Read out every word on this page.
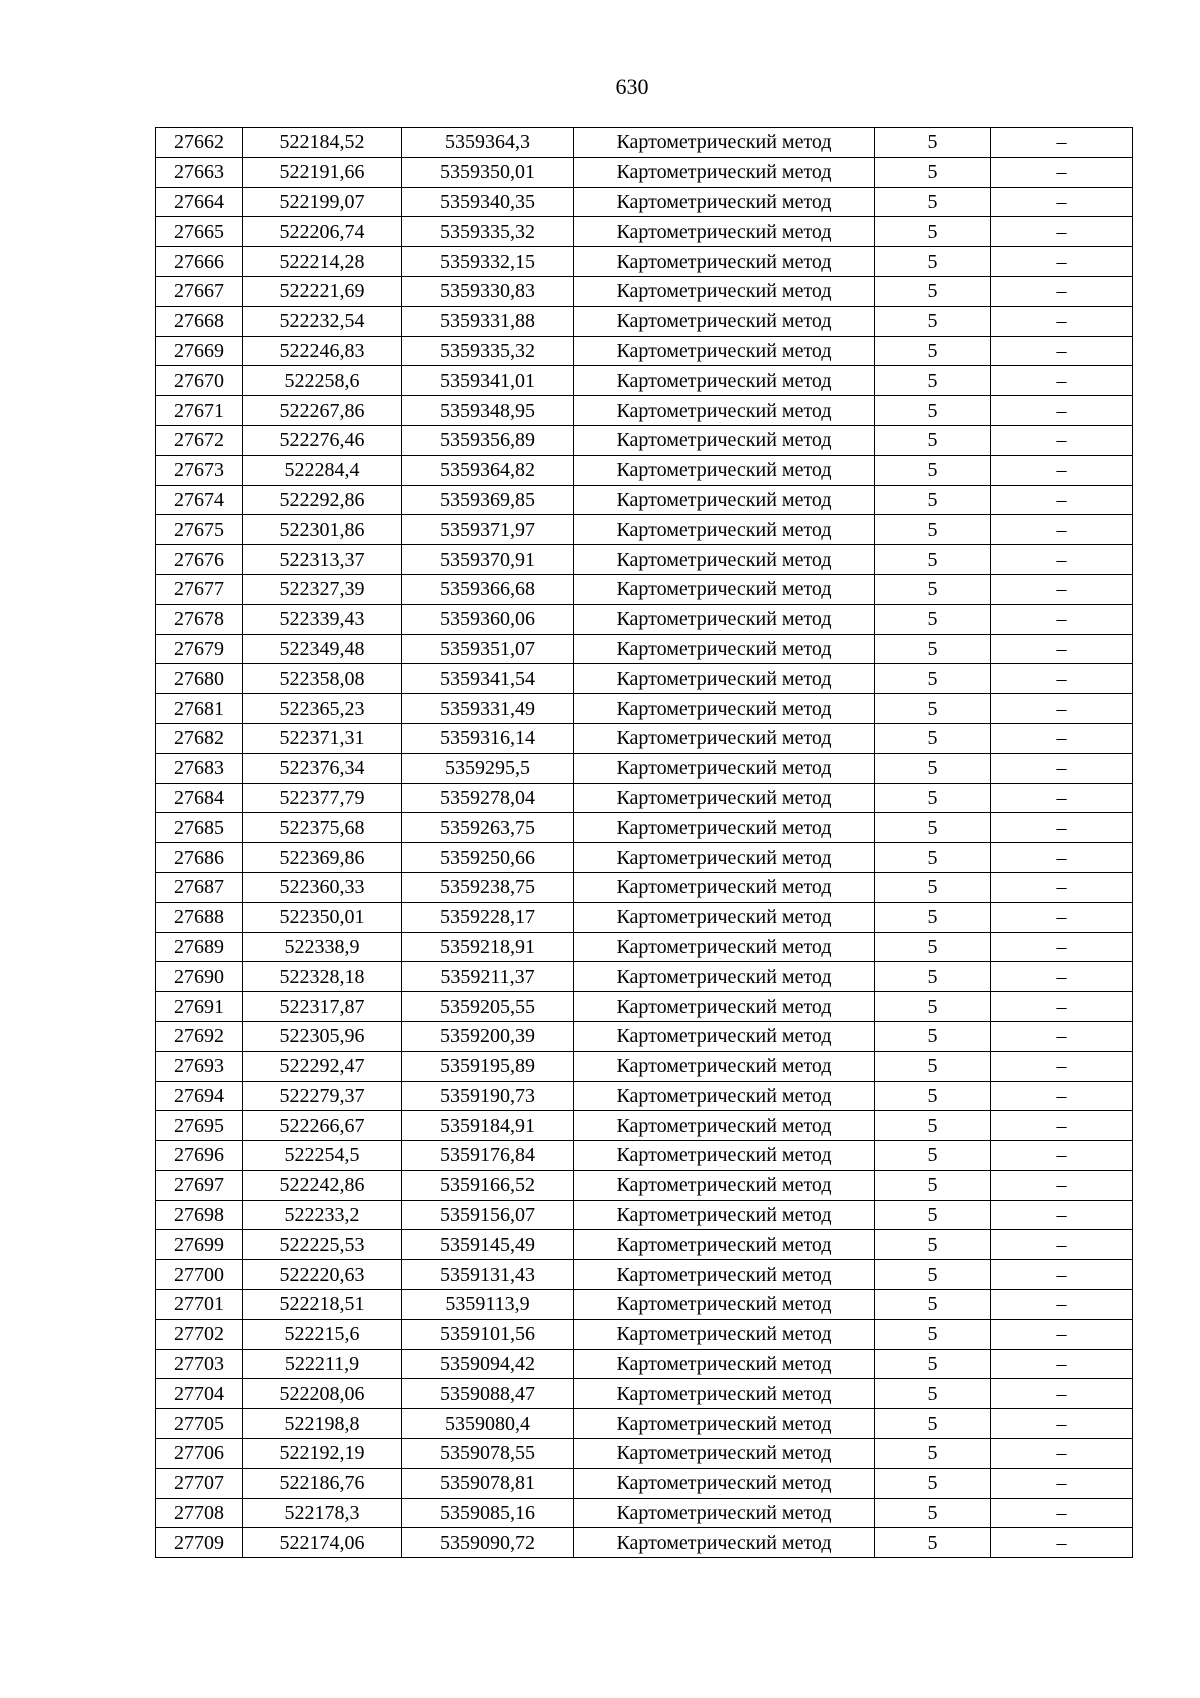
630
27662	522184,52	5359364,3	Картометрический метод	5	–
27663	522191,66	5359350,01	Картометрический метод	5	–
27664	522199,07	5359340,35	Картометрический метод	5	–
27665	522206,74	5359335,32	Картометрический метод	5	–
27666	522214,28	5359332,15	Картометрический метод	5	–
27667	522221,69	5359330,83	Картометрический метод	5	–
27668	522232,54	5359331,88	Картометрический метод	5	–
27669	522246,83	5359335,32	Картометрический метод	5	–
27670	522258,6	5359341,01	Картометрический метод	5	–
27671	522267,86	5359348,95	Картометрический метод	5	–
27672	522276,46	5359356,89	Картометрический метод	5	–
27673	522284,4	5359364,82	Картометрический метод	5	–
27674	522292,86	5359369,85	Картометрический метод	5	–
27675	522301,86	5359371,97	Картометрический метод	5	–
27676	522313,37	5359370,91	Картометрический метод	5	–
27677	522327,39	5359366,68	Картометрический метод	5	–
27678	522339,43	5359360,06	Картометрический метод	5	–
27679	522349,48	5359351,07	Картометрический метод	5	–
27680	522358,08	5359341,54	Картометрический метод	5	–
27681	522365,23	5359331,49	Картометрический метод	5	–
27682	522371,31	5359316,14	Картометрический метод	5	–
27683	522376,34	5359295,5	Картометрический метод	5	–
27684	522377,79	5359278,04	Картометрический метод	5	–
27685	522375,68	5359263,75	Картометрический метод	5	–
27686	522369,86	5359250,66	Картометрический метод	5	–
27687	522360,33	5359238,75	Картометрический метод	5	–
27688	522350,01	5359228,17	Картометрический метод	5	–
27689	522338,9	5359218,91	Картометрический метод	5	–
27690	522328,18	5359211,37	Картометрический метод	5	–
27691	522317,87	5359205,55	Картометрический метод	5	–
27692	522305,96	5359200,39	Картометрический метод	5	–
27693	522292,47	5359195,89	Картометрический метод	5	–
27694	522279,37	5359190,73	Картометрический метод	5	–
27695	522266,67	5359184,91	Картометрический метод	5	–
27696	522254,5	5359176,84	Картометрический метод	5	–
27697	522242,86	5359166,52	Картометрический метод	5	–
27698	522233,2	5359156,07	Картометрический метод	5	–
27699	522225,53	5359145,49	Картометрический метод	5	–
27700	522220,63	5359131,43	Картометрический метод	5	–
27701	522218,51	5359113,9	Картометрический метод	5	–
27702	522215,6	5359101,56	Картометрический метод	5	–
27703	522211,9	5359094,42	Картометрический метод	5	–
27704	522208,06	5359088,47	Картометрический метод	5	–
27705	522198,8	5359080,4	Картометрический метод	5	–
27706	522192,19	5359078,55	Картометрический метод	5	–
27707	522186,76	5359078,81	Картометрический метод	5	–
27708	522178,3	5359085,16	Картометрический метод	5	–
27709	522174,06	5359090,72	Картометрический метод	5	–
